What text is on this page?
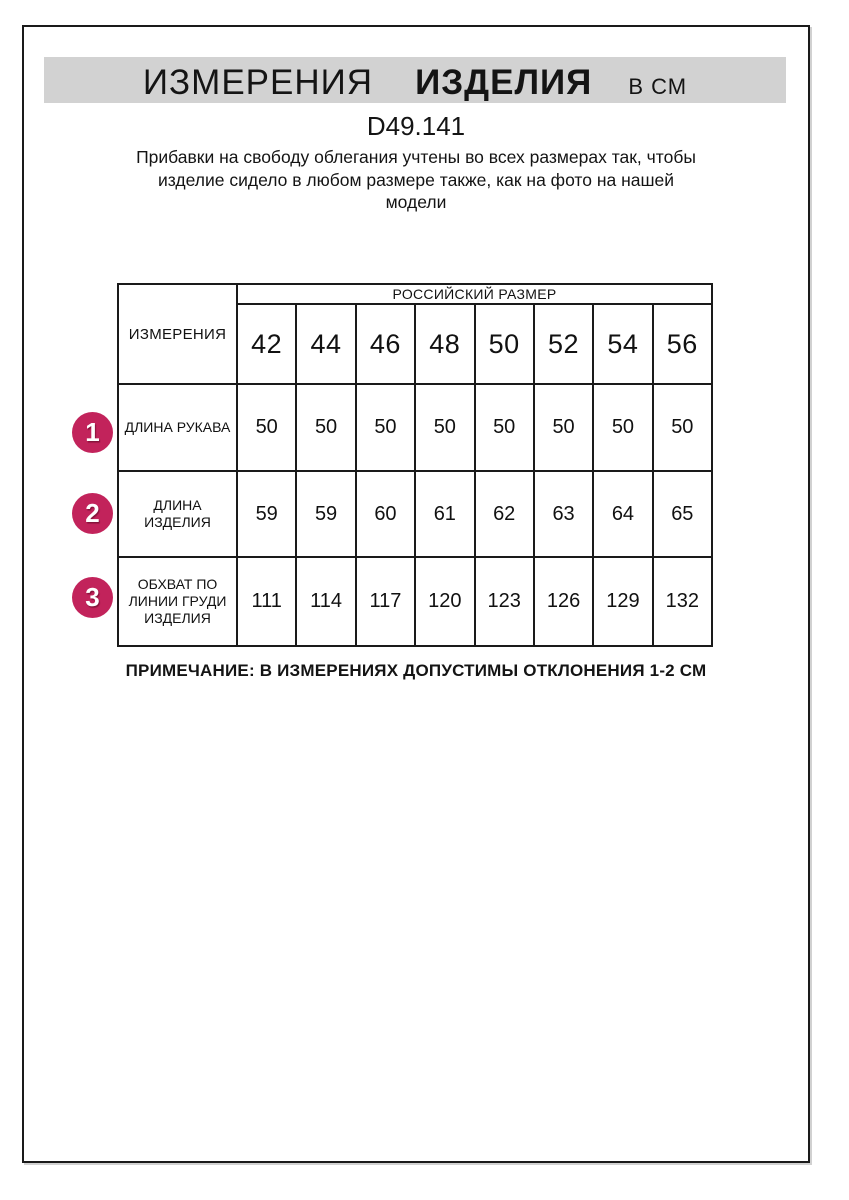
ИЗМЕРЕНИЯ ИЗДЕЛИЯ В СМ
D49.141
Прибавки на свободу облегания учтены во всех размерах так, чтобы
изделие сидело в любом размере также, как на фото на нашей
модели
ИЗМЕРЕНИЯ	РОССИЙСКИЙ РАЗМЕР							
	42	44	46	48	50	52	54	56
ДЛИНА РУКАВА	50	50	50	50	50	50	50	50
ДЛИНА
ИЗДЕЛИЯ	59	59	60	61	62	63	64	65
ОБХВАТ ПО
ЛИНИИ ГРУДИ
ИЗДЕЛИЯ	111	114	117	120	123	126	129	132
1
2
3
ПРИМЕЧАНИЕ: В ИЗМЕРЕНИЯХ ДОПУСТИМЫ ОТКЛОНЕНИЯ 1-2 СМ
